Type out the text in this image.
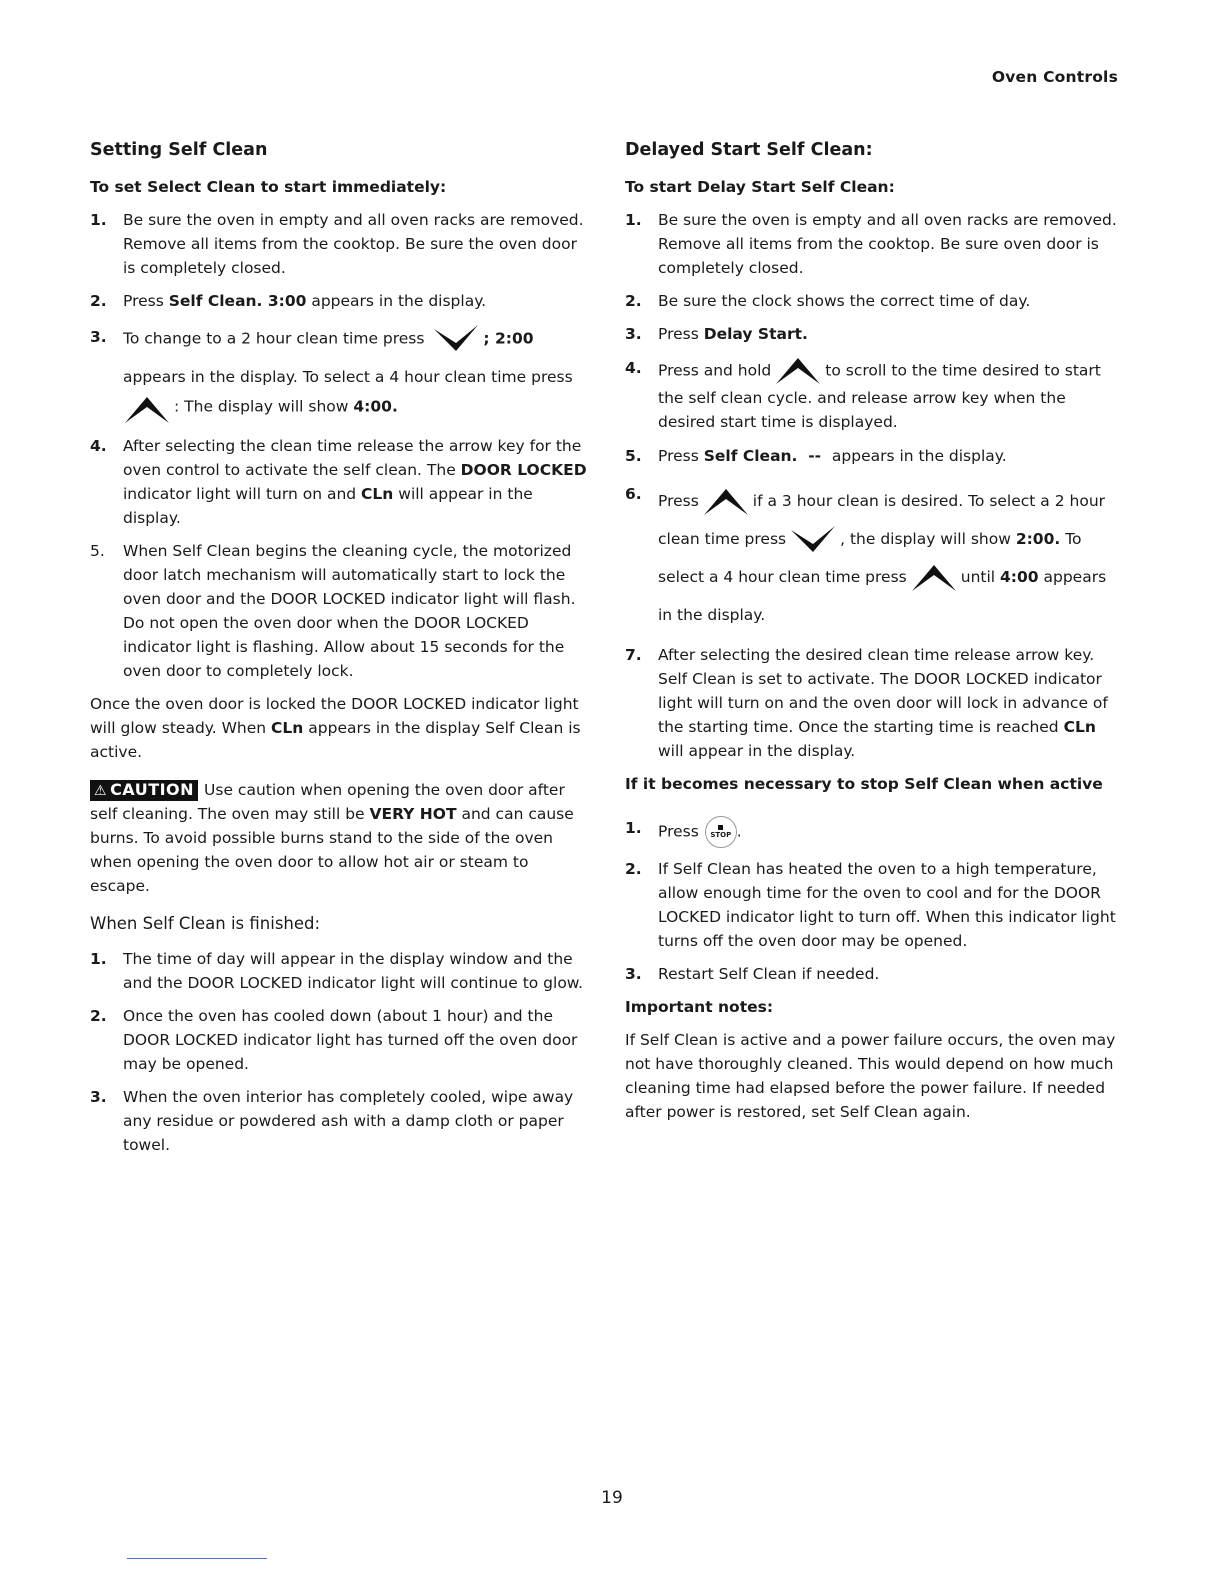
Oven Controls
Setting Self Clean
To set Select Clean to start immediately:
1.	Be sure the oven in empty and all oven racks are removed. Remove all items from the cooktop. Be sure the oven door is completely closed.
2.	Press Self Clean. 3:00 appears in the display.
3.	To change to a 2 hour clean time press	; 2:00
appears in the display. To select a 4 hour clean time press
: The display will show 4:00.
4.	After selecting the clean time release the arrow key for the oven control to activate the self clean. The DOOR LOCKED indicator light will turn on and CLn will appear in the display.
5.	When Self Clean begins the cleaning cycle, the motorized door latch mechanism will automatically start to lock the oven door and the DOOR LOCKED indicator light will flash. Do not open the oven door when the DOOR LOCKED indicator light is flashing. Allow about 15 seconds for the oven door to completely lock.

Once the oven door is locked the DOOR LOCKED indicator light will glow steady. When CLn appears in the display Self Clean is active.

⚠ CAUTION Use caution when opening the oven door after self cleaning. The oven may still be VERY HOT and can cause burns. To avoid possible burns stand to the side of the oven when opening the oven door to allow hot air or steam to escape.

When Self Clean is finished:
1.	The time of day will appear in the display window and the and the DOOR LOCKED indicator light will continue to glow.
2.	Once the oven has cooled down (about 1 hour) and the DOOR LOCKED indicator light has turned off the oven door may be opened.
3.	When the oven interior has completely cooled, wipe away any residue or powdered ash with a damp cloth or paper towel.
Delayed Start Self Clean:
To start Delay Start Self Clean:
1.	Be sure the oven is empty and all oven racks are removed. Remove all items from the cooktop. Be sure oven door is completely closed.
2.	Be sure the clock shows the correct time of day.
3.	Press Delay Start.
4.	Press and hold	to scroll to the time desired to start the self clean cycle. and release arrow key when the desired start time is displayed.
5.	Press Self Clean.  --  appears in the display.
6.	Press	if a 3 hour clean is desired. To select a 2 hour clean time press	, the display will show 2:00. To select a 4 hour clean time press	until 4:00 appears in the display.
7.	After selecting the desired clean time release arrow key. Self Clean is set to activate. The DOOR LOCKED indicator light will turn on and the oven door will lock in advance of the starting time. Once the starting time is reached CLn will appear in the display.
If it becomes necessary to stop Self Clean when active
1.	Press STOP .
2.	If Self Clean has heated the oven to a high temperature, allow enough time for the oven to cool and for the DOOR LOCKED indicator light to turn off. When this indicator light turns off the oven door may be opened.
3.	Restart Self Clean if needed.
Important notes:

If Self Clean is active and a power failure occurs, the oven may not have thoroughly cleaned. This would depend on how much cleaning time had elapsed before the power failure. If needed after power is restored, set Self Clean again.

19
